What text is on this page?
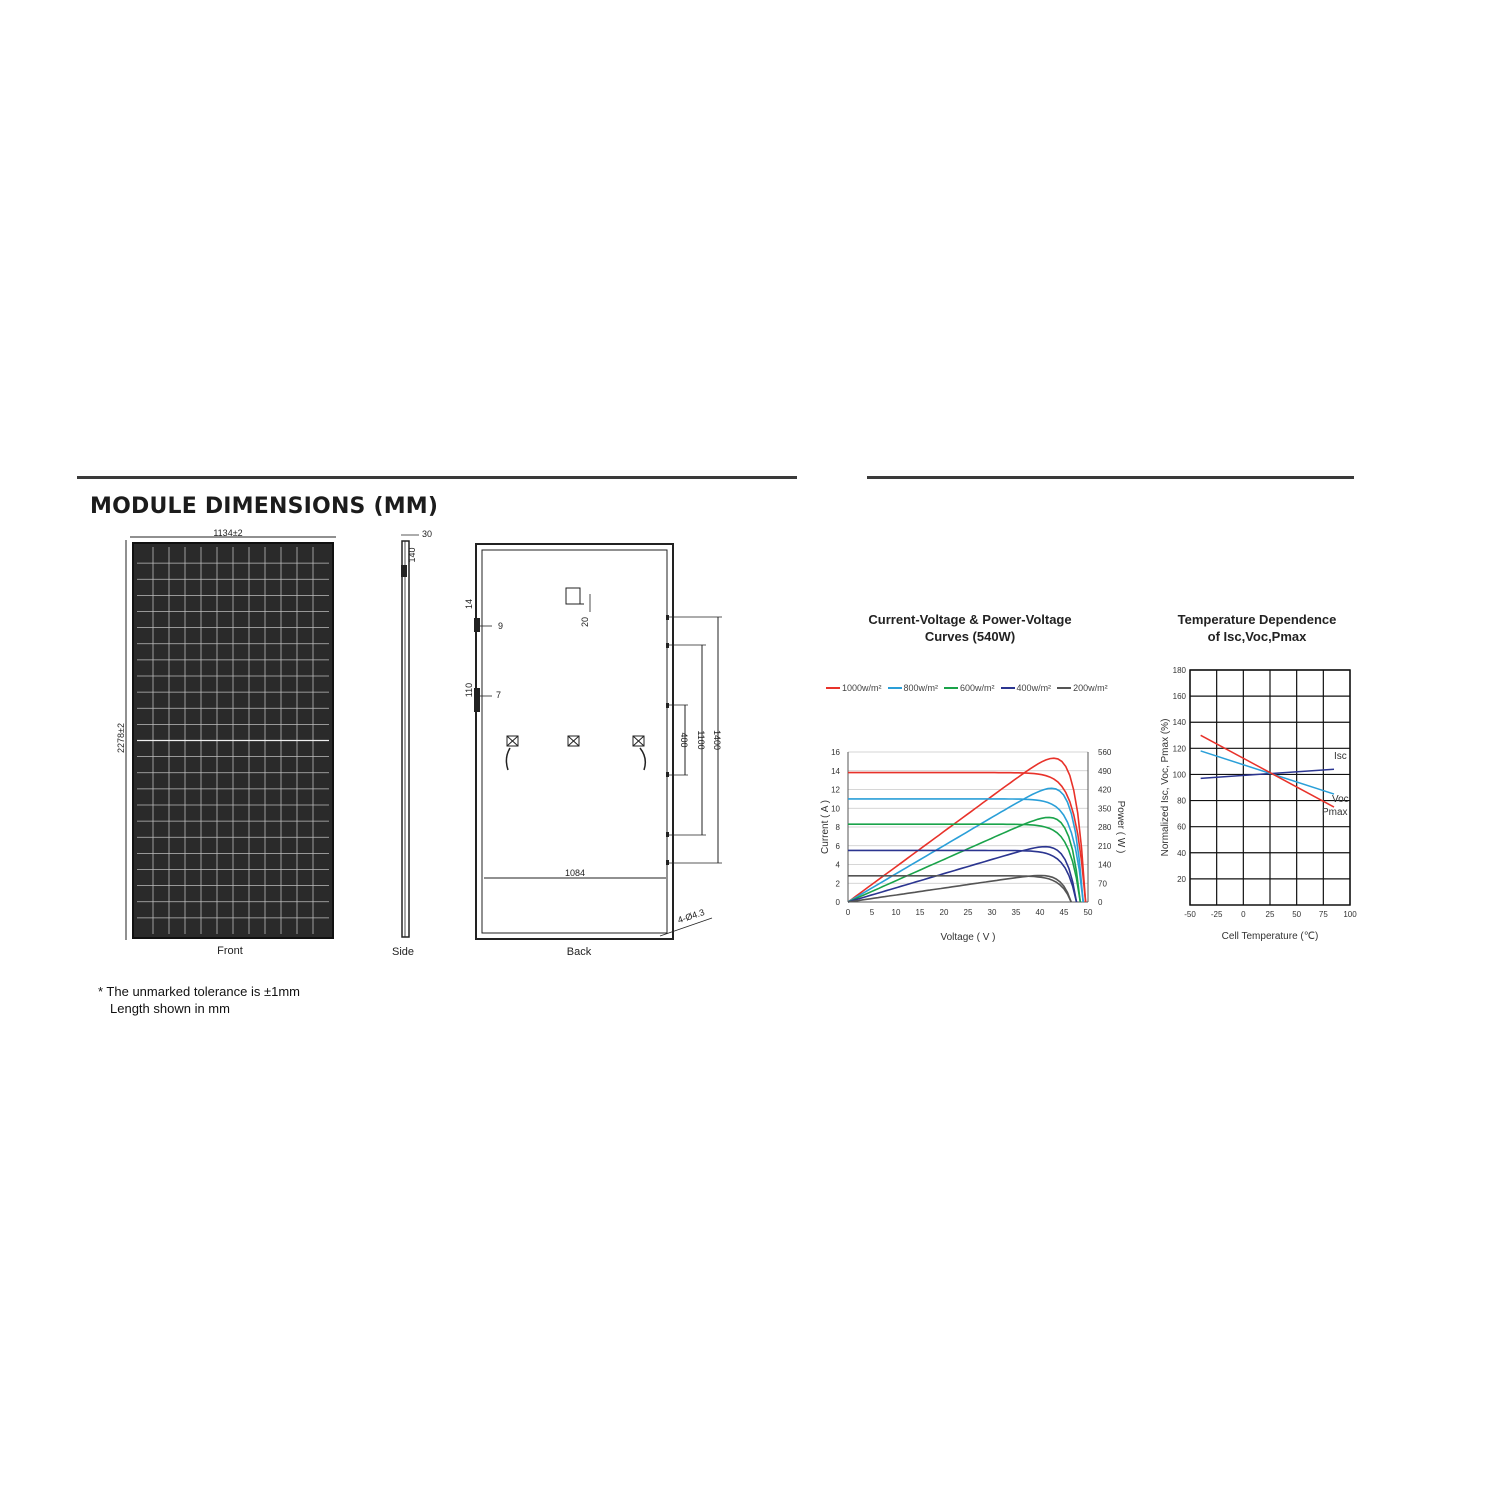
MODULE DIMENSIONS (MM)
1134±2
2278±2
Front
30
140
Side
20
14
9
110 7
1400
1100
400
1084
4-Ø4.3
Back
* The unmarked tolerance is ±1mm
Length shown in mm
Current-Voltage & Power-Voltage
Curves (540W)
1000w/m² 800w/m² 600w/m² 400w/m² 200w/m²
0
2
4
6
8
10
12
14
16
0
70
140
210
280
350
420
490
560
0 5 10 15 20 25 30 35 40 45 50
Voltage ( V )
Current ( A )	Power ( W )
Temperature Dependence
of Isc,Voc,Pmax
20
40
60
80
100
120
140
160
180
-50 -25 0 25 50 75 100
Cell Temperature (℃)
Normalized Isc, Voc, Pmax (%)	Isc
Voc
Pmax
